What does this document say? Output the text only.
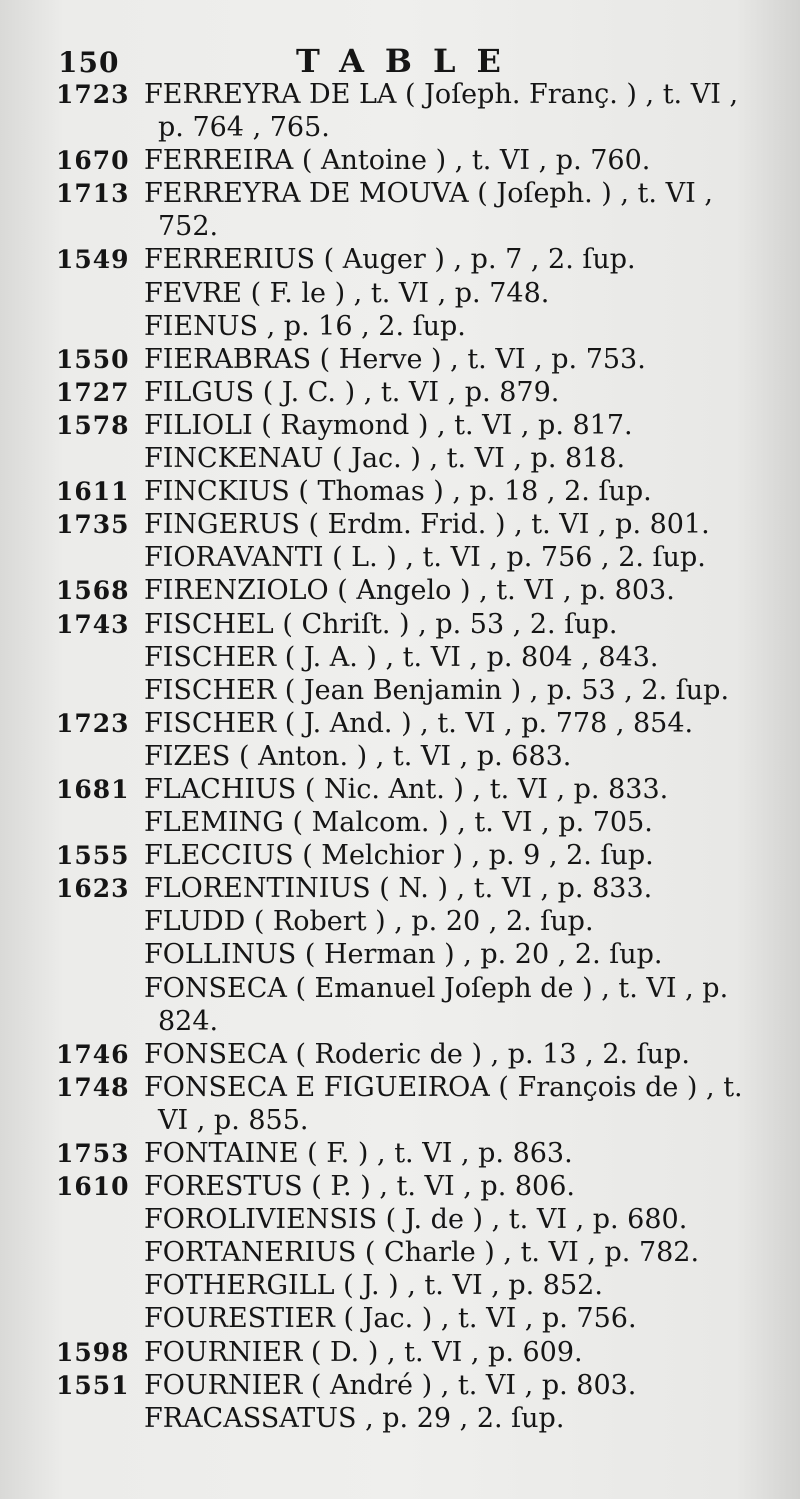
150	TABLE
1723 FERREYRA DE LA ( Joſeph. Franç. ) , t. VI ,
p. 764 , 765.
1670 FERREIRA ( Antoine ) , t. VI , p. 760.
1713 FERREYRA DE MOUVA ( Joſeph. ) , t. VI ,
752.
1549 FERRERIUS ( Auger ) , p. 7 , 2. ſup.
FEVRE ( F. le ) , t. VI , p. 748.
FIENUS , p. 16 , 2. ſup.
1550 FIERABRAS ( Herve ) , t. VI , p. 753.
1727 FILGUS ( J. C. ) , t. VI , p. 879.
1578 FILIOLI ( Raymond ) , t. VI , p. 817.
FINCKENAU ( Jac. ) , t. VI , p. 818.
1611 FINCKIUS ( Thomas ) , p. 18 , 2. ſup.
1735 FINGERUS ( Erdm. Frid. ) , t. VI , p. 801.
FIORAVANTI ( L. ) , t. VI , p. 756 , 2. ſup.
1568 FIRENZIOLO ( Angelo ) , t. VI , p. 803.
1743 FISCHEL ( Chriſt. ) , p. 53 , 2. ſup.
FISCHER ( J. A. ) , t. VI , p. 804 , 843.
FISCHER ( Jean Benjamin ) , p. 53 , 2. ſup.
1723 FISCHER ( J. And. ) , t. VI , p. 778 , 854.
FIZES ( Anton. ) , t. VI , p. 683.
1681 FLACHIUS ( Nic. Ant. ) , t. VI , p. 833.
FLEMING ( Malcom. ) , t. VI , p. 705.
1555 FLECCIUS ( Melchior ) , p. 9 , 2. ſup.
1623 FLORENTINIUS ( N. ) , t. VI , p. 833.
FLUDD ( Robert ) , p. 20 , 2. ſup.
FOLLINUS ( Herman ) , p. 20 , 2. ſup.
FONSECA ( Emanuel Joſeph de ) , t. VI , p.
824.
1746 FONSECA ( Roderic de ) , p. 13 , 2. ſup.
1748 FONSECA E FIGUEIROA ( François de ) , t.
VI , p. 855.
1753 FONTAINE ( F. ) , t. VI , p. 863.
1610 FORESTUS ( P. ) , t. VI , p. 806.
FOROLIVIENSIS ( J. de ) , t. VI , p. 680.
FORTANERIUS ( Charle ) , t. VI , p. 782.
FOTHERGILL ( J. ) , t. VI , p. 852.
FOURESTIER ( Jac. ) , t. VI , p. 756.
1598 FOURNIER ( D. ) , t. VI , p. 609.
1551 FOURNIER ( André ) , t. VI , p. 803.
FRACASSATUS , p. 29 , 2. ſup.
